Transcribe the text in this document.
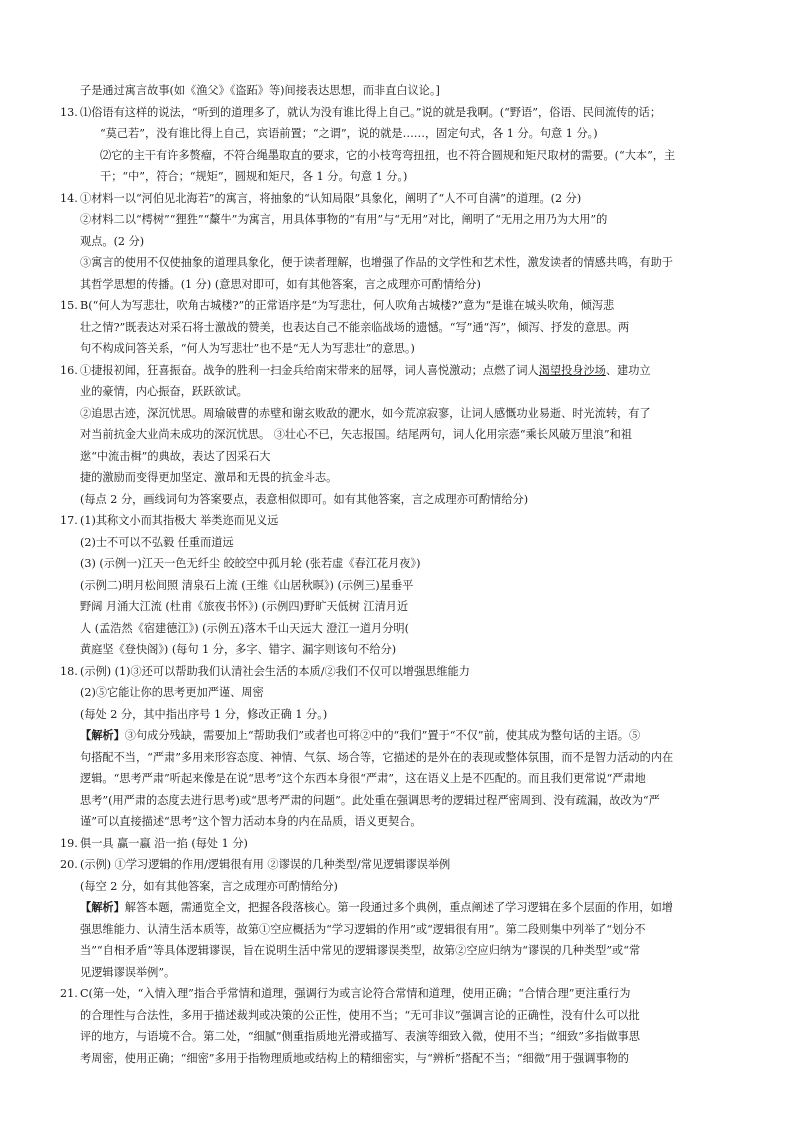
子是通过寓言故事(如《渔父》《盗跖》等)间接表达思想，而非直白议论。]
13. ⑴俗语有这样的说法，“听到的道理多了，就认为没有谁比得上自己。”说的就是我啊。(“野语”，俗语、民间流传的话；
“莫己若”，没有谁比得上自己，宾语前置；“之谓”，说的就是……，固定句式，各 1 分。句意 1 分。)
⑵它的主干有许多赘瘤，不符合绳墨取直的要求，它的小枝弯弯扭扭，也不符合圆规和矩尺取材的需要。(“大本”，主
干；“中”，符合；“规矩”，圆规和矩尺，各 1 分。句意 1 分。)
14. ①材料一以“河伯见北海若”的寓言，将抽象的“认知局限”具象化，阐明了“人不可自满”的道理。(2 分)
②材料二以“樗树”“狸狌”“斄牛”为寓言，用具体事物的“有用”与“无用”对比，阐明了“无用之用乃为大用”的
观点。(2 分)
③寓言的使用不仅使抽象的道理具象化，便于读者理解，也增强了作品的文学性和艺术性，激发读者的情感共鸣，有助于
其哲学思想的传播。(1 分) (意思对即可，如有其他答案，言之成理亦可酌情给分)
15. B(“何人为写悲壮，吹角古城楼?”的正常语序是“为写悲壮，何人吹角古城楼?”意为“是谁在城头吹角，倾泻悲
壮之情?”既表达对采石将士激战的赞美，也表达自己不能亲临战场的遗憾。“写”通“泻”，倾泻、抒发的意思。两
句不构成问答关系，“何人为写悲壮”也不是“无人为写悲壮”的意思。)
16. ①捷报初闻，狂喜振奋。战争的胜利一扫金兵给南宋带来的屈辱，词人喜悦激动；点燃了词人渴望投身沙场、建功立
业的豪情，内心振奋，跃跃欲试。
②追思古迹，深沉忧思。周瑜破曹的赤壁和谢玄败敌的淝水，如今荒凉寂寥，让词人感慨功业易逝、时光流转，有了
对当前抗金大业尚未成功的深沉忧思。 ③壮心不已，矢志报国。结尾两句，词人化用宗悫“乘长风破万里浪”和祖
逖“中流击楫”的典故，表达了因采石大
捷的激励而变得更加坚定、激昂和无畏的抗金斗志。
(每点 2 分，画线词句为答案要点，表意相似即可。如有其他答案，言之成理亦可酌情给分)
17. (1)其称文小而其指极大 举类迩而见义远
(2)士不可以不弘毅 任重而道远
(3) (示例一)江天一色无纤尘 皎皎空中孤月轮 (张若虚《春江花月夜》)
(示例二)明月松间照 清泉石上流 (王维《山居秋暝》) (示例三)星垂平
野阔 月涌大江流 (杜甫《旅夜书怀》) (示例四)野旷天低树 江清月近
人 (孟浩然《宿建德江》) (示例五)落木千山天远大 澄江一道月分明(
黄庭坚《登快阁》) (每句 1 分，多字、错字、漏字则该句不给分)
18. (示例) (1)③还可以帮助我们认清社会生活的本质/②我们不仅可以增强思维能力
(2)⑤它能让你的思考更加严谨、周密
(每处 2 分，其中指出序号 1 分，修改正确 1 分。)
【解析】③句成分残缺，需要加上“帮助我们”或者也可将②中的“我们”置于“不仅”前，使其成为整句话的主语。⑤
句搭配不当，“严肃”多用来形容态度、神情、气氛、场合等，它描述的是外在的表现或整体氛围，而不是智力活动的内在
逻辑。“思考严肃”听起来像是在说“思考”这个东西本身很“严肃”，这在语义上是不匹配的。而且我们更常说“严肃地
思考”(用严肃的态度去进行思考)或“思考严肃的问题”。此处重在强调思考的逻辑过程严密周到、没有疏漏，故改为“严
谨”可以直接描述“思考”这个智力活动本身的内在品质，语义更契合。
19. 俱一具 赢一蠃 沿一掐 (每处 1 分)
20. (示例) ①学习逻辑的作用/逻辑很有用 ②谬误的几种类型/常见逻辑谬误举例
(每空 2 分，如有其他答案，言之成理亦可酌情给分)
【解析】解答本题，需通览全文，把握各段落核心。第一段通过多个典例，重点阐述了学习逻辑在多个层面的作用，如增
强思维能力、认清生活本质等，故第①空应概括为“学习逻辑的作用”或“逻辑很有用”。第二段则集中列举了“划分不
当”“自相矛盾”等具体逻辑谬误，旨在说明生活中常见的逻辑谬误类型，故第②空应归纳为“谬误的几种类型”或“常
见逻辑谬误举例”。
21. C(第一处，“入情入理”指合乎常情和道理，强调行为或言论符合常情和道理，使用正确；“合情合理”更注重行为
的合理性与合法性，多用于描述裁判或决策的公正性，使用不当；“无可非议”强调言论的正确性，没有什么可以批
评的地方，与语境不合。第二处，“细腻”侧重指质地光滑或描写、表演等细致入微，使用不当；“细致”多指做事思
考周密，使用正确；“细密”多用于指物理质地或结构上的精细密实，与“辨析”搭配不当；“细微”用于强调事物的
